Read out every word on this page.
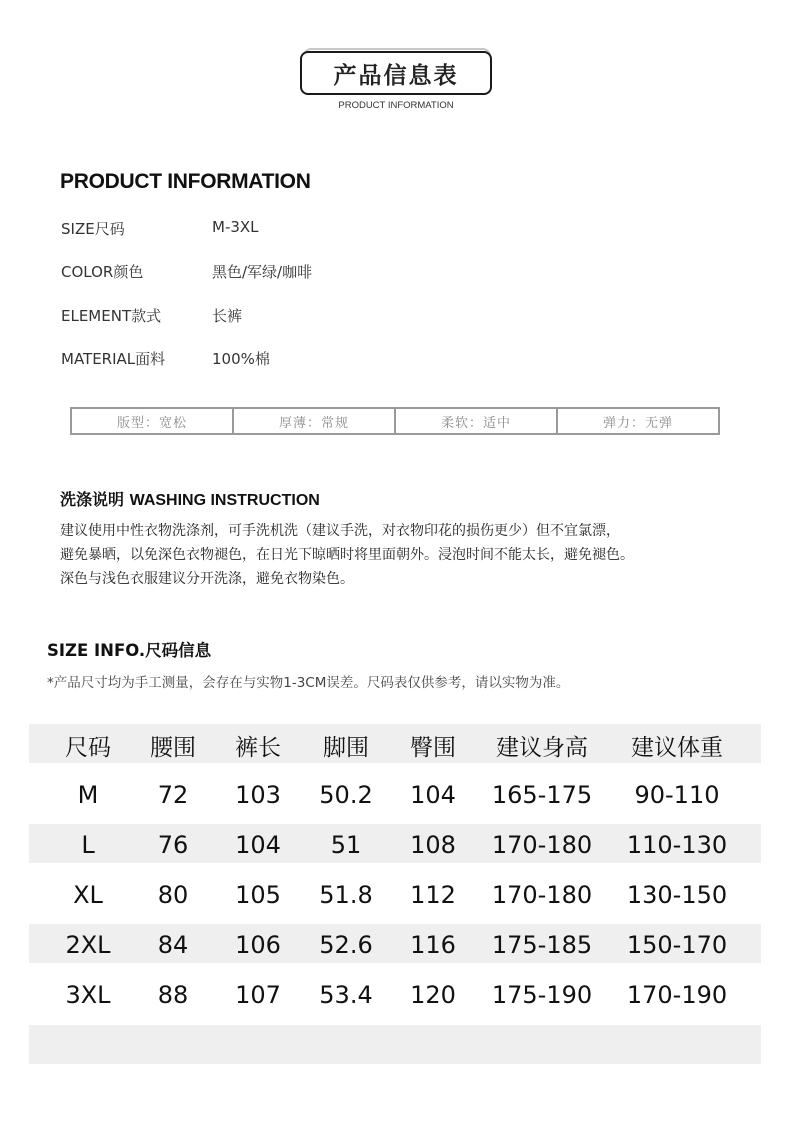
产品信息表
PRODUCT INFORMATION
PRODUCT INFORMATION
SIZE尺码	M-3XL
COLOR颜色	黑色/军绿/咖啡
ELEMENT款式	长裤
MATERIAL面料	100%棉
版型：宽松	厚薄：常规	柔软：适中	弹力：无弹
洗涤说明 WASHING INSTRUCTION
建议使用中性衣物洗涤剂，可手洗机洗（建议手洗，对衣物印花的损伤更少）但不宜氯漂，
避免暴晒，以免深色衣物褪色，在日光下晾晒时将里面朝外。浸泡时间不能太长，避免褪色。
深色与浅色衣服建议分开洗涤，避免衣物染色。
SIZE INFO.尺码信息
*产品尺寸均为手工测量，会存在与实物1-3CM误差。尺码表仅供参考，请以实物为准。
尺码	腰围	裤长	脚围	臀围	建议身高	建议体重
M	72	103	50.2	104	165-175	90-110
L	76	104	51	108	170-180	110-130
XL	80	105	51.8	112	170-180	130-150
2XL	84	106	52.6	116	175-185	150-170
3XL	88	107	53.4	120	175-190	170-190
